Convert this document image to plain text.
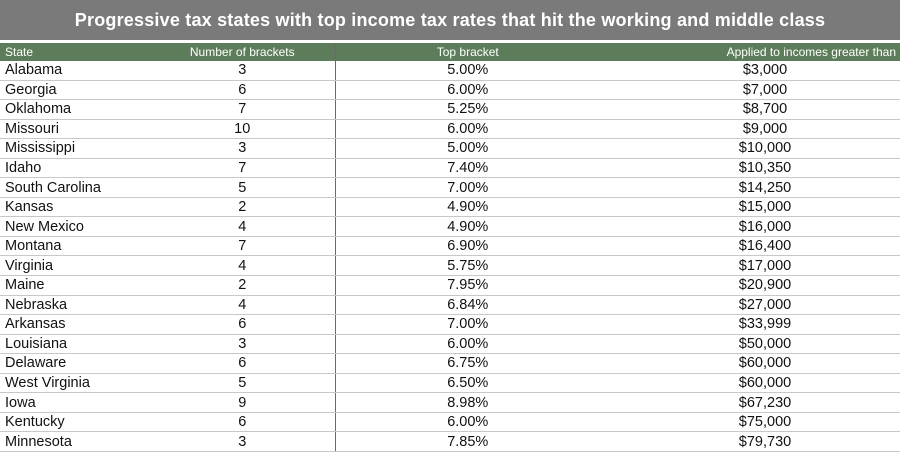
Progressive tax states with top income tax rates that hit the working and middle class
State	Number of brackets	Top bracket	Applied to incomes greater than
Alabama	3	5.00%	$3,000
Georgia	6	6.00%	$7,000
Oklahoma	7	5.25%	$8,700
Missouri	10	6.00%	$9,000
Mississippi	3	5.00%	$10,000
Idaho	7	7.40%	$10,350
South Carolina	5	7.00%	$14,250
Kansas	2	4.90%	$15,000
New Mexico	4	4.90%	$16,000
Montana	7	6.90%	$16,400
Virginia	4	5.75%	$17,000
Maine	2	7.95%	$20,900
Nebraska	4	6.84%	$27,000
Arkansas	6	7.00%	$33,999
Louisiana	3	6.00%	$50,000
Delaware	6	6.75%	$60,000
West Virginia	5	6.50%	$60,000
Iowa	9	8.98%	$67,230
Kentucky	6	6.00%	$75,000
Minnesota	3	7.85%	$79,730
